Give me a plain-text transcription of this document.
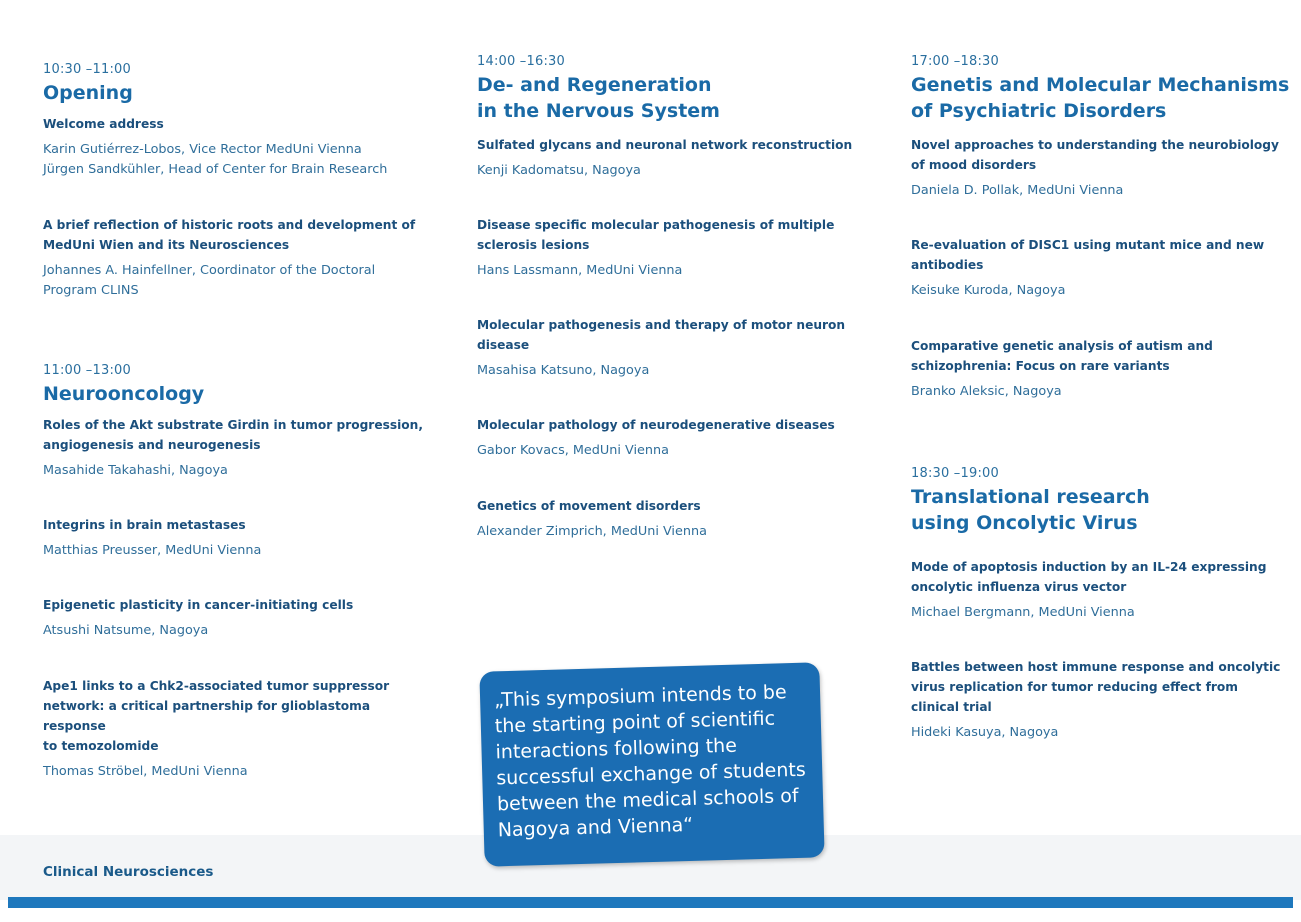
10:30 –11:00
Opening
Welcome address
Karin Gutiérrez-Lobos, Vice Rector MedUni Vienna
Jürgen Sandkühler, Head of Center for Brain Research
A brief reflection of historic roots and development of
MedUni Wien and its Neurosciences
Johannes A. Hainfellner, Coordinator of the Doctoral
Program CLINS
11:00 –13:00
Neurooncology
Roles of the Akt substrate Girdin in tumor progression,
angiogenesis and neurogenesis
Masahide Takahashi, Nagoya
Integrins in brain metastases
Matthias Preusser, MedUni Vienna
Epigenetic plasticity in cancer-initiating cells
Atsushi Natsume, Nagoya
Ape1 links to a Chk2-associated tumor suppressor
network: a critical partnership for glioblastoma response
to temozolomide
Thomas Ströbel, MedUni Vienna
14:00 –16:30
De- and Regeneration
in the Nervous System
Sulfated glycans and neuronal network reconstruction
Kenji Kadomatsu, Nagoya
Disease specific molecular pathogenesis of multiple
sclerosis lesions
Hans Lassmann, MedUni Vienna
Molecular pathogenesis and therapy of motor neuron
disease
Masahisa Katsuno, Nagoya
Molecular pathology of neurodegenerative diseases
Gabor Kovacs, MedUni Vienna
Genetics of movement disorders
Alexander Zimprich, MedUni Vienna
17:00 –18:30
Genetis and Molecular Mechanisms
of Psychiatric Disorders
Novel approaches to understanding the neurobiology
of mood disorders
Daniela D. Pollak, MedUni Vienna
Re-evaluation of DISC1 using mutant mice and new
antibodies
Keisuke Kuroda, Nagoya
Comparative genetic analysis of autism and
schizophrenia: Focus on rare variants
Branko Aleksic, Nagoya
18:30 –19:00
Translational research
using Oncolytic Virus
Mode of apoptosis induction by an IL-24 expressing
oncolytic influenza virus vector
Michael Bergmann, MedUni Vienna
Battles between host immune response and oncolytic
virus replication for tumor reducing effect from
clinical trial
Hideki Kasuya, Nagoya
Clinical Neurosciences
„This symposium intends to be
the starting point of scientific
interactions following the
successful exchange of students
between the medical schools of
Nagoya and Vienna“
